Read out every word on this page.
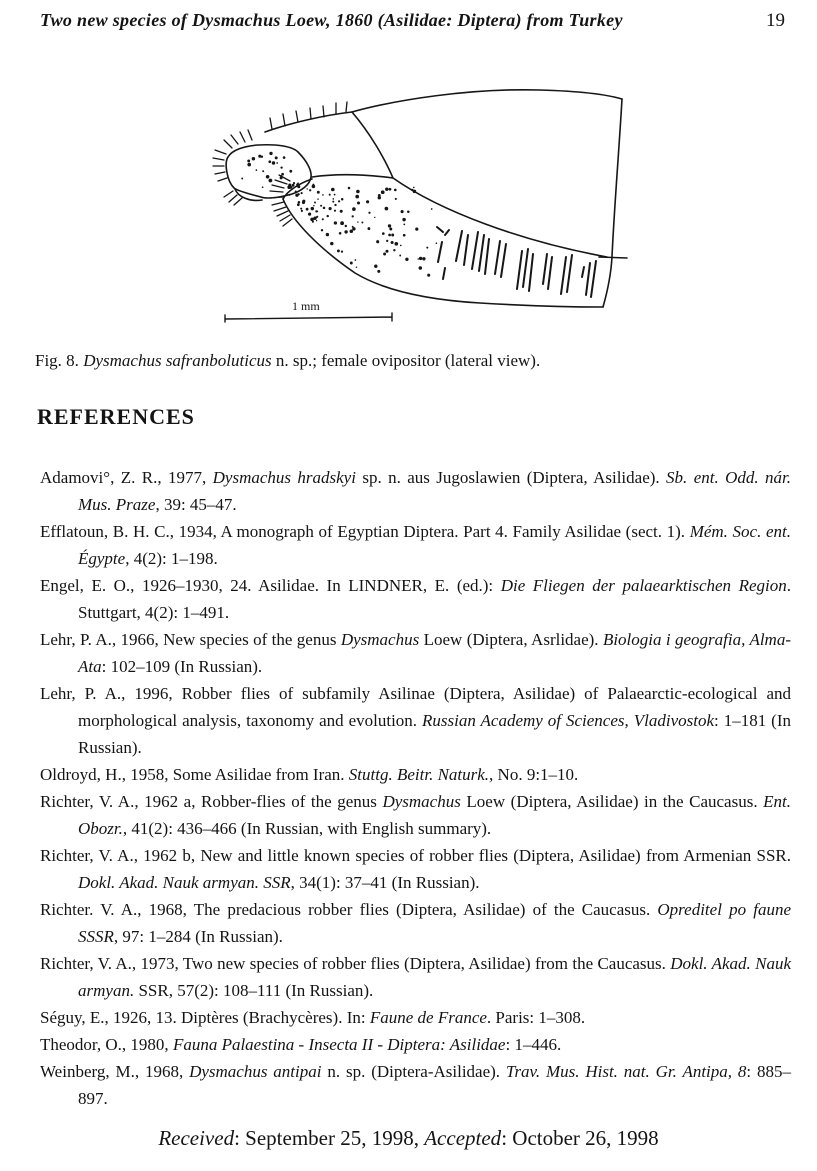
Two new species of Dysmachus Loew, 1860 (Asilidae: Diptera) from Turkey	19
1 mm

Fig. 8. Dysmachus safranboluticus n. sp.; female ovipositor (lateral view).

REFERENCES

Adamovi°, Z. R., 1977, Dysmachus hradskyi sp. n. aus Jugoslawien (Diptera, Asilidae). Sb. ent. Odd. nár. Mus. Praze, 39: 45–47.

Efflatoun, B. H. C., 1934, A monograph of Egyptian Diptera. Part 4. Family Asilidae (sect. 1). Mém. Soc. ent. Égypte, 4(2): 1–198.

Engel, E. O., 1926–1930, 24. Asilidae. In LINDNER, E. (ed.): Die Fliegen der palaearktischen Region. Stuttgart, 4(2): 1–491.

Lehr, P. A., 1966, New species of the genus Dysmachus Loew (Diptera, Asrlidae). Biologia i geografia, Alma-Ata: 102–109 (In Russian).

Lehr, P. A., 1996, Robber flies of subfamily Asilinae (Diptera, Asilidae) of Palaearctic-ecological and morphological analysis, taxonomy and evolution. Russian Academy of Sciences, Vladivostok: 1–181 (In Russian).

Oldroyd, H., 1958, Some Asilidae from Iran. Stuttg. Beitr. Naturk., No. 9:1–10.

Richter, V. A., 1962 a, Robber-flies of the genus Dysmachus Loew (Diptera, Asilidae) in the Caucasus. Ent. Obozr., 41(2): 436–466 (In Russian, with English summary).

Richter, V. A., 1962 b, New and little known species of robber flies (Diptera, Asilidae) from Armenian SSR. Dokl. Akad. Nauk armyan. SSR, 34(1): 37–41 (In Russian).

Richter. V. A., 1968, The predacious robber flies (Diptera, Asilidae) of the Caucasus. Opreditel po faune SSSR, 97: 1–284 (In Russian).

Richter, V. A., 1973, Two new species of robber flies (Diptera, Asilidae) from the Caucasus. Dokl. Akad. Nauk armyan. SSR, 57(2): 108–111 (In Russian).

Séguy, E., 1926, 13. Diptères (Brachycères). In: Faune de France. Paris: 1–308.

Theodor, O., 1980, Fauna Palaestina - Insecta II - Diptera: Asilidae: 1–446.

Weinberg, M., 1968, Dysmachus antipai n. sp. (Diptera-Asilidae). Trav. Mus. Hist. nat. Gr. Antipa, 8: 885–897.

Received: September 25, 1998, Accepted: October 26, 1998
